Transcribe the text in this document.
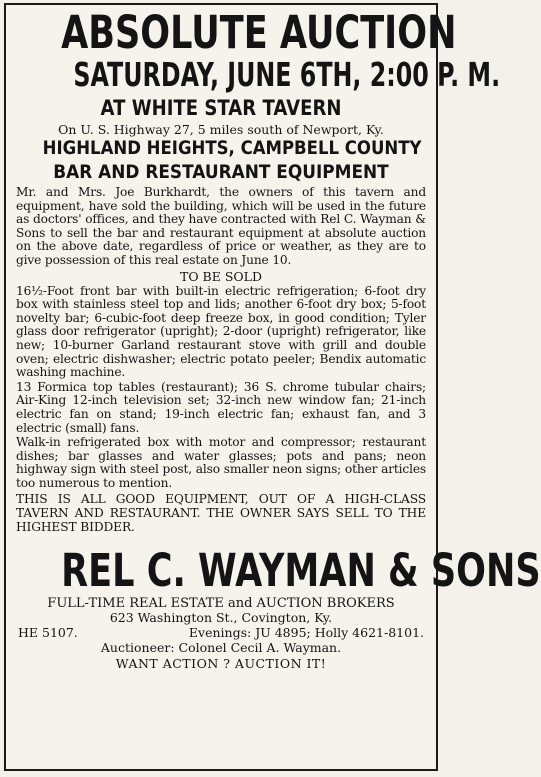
ABSOLUTE AUCTION
SATURDAY, JUNE 6TH, 2:00 P. M.
AT WHITE STAR TAVERN
On U. S. Highway 27, 5 miles south of Newport, Ky.
HIGHLAND HEIGHTS, CAMPBELL COUNTY
BAR AND RESTAURANT EQUIPMENT

Mr. and Mrs. Joe Burkhardt, the owners of this tavern and equipment, have sold the building, which will be used in the future as doctors' offices, and they have contracted with Rel C. Wayman & Sons to sell the bar and restaurant equipment at absolute auction on the above date, regardless of price or weather, as they are to give possession of this real estate on June 10.

TO BE SOLD

16½-Foot front bar with built-in electric refrigeration; 6-foot dry box with stainless steel top and lids; another 6-foot dry box; 5-foot novelty bar; 6-cubic-foot deep freeze box, in good condition; Tyler glass door refrigerator (upright); 2-door (upright) refrigerator, like new; 10-burner Garland restaurant stove with grill and double oven; electric dishwasher; electric potato peeler; Bendix automatic washing machine.

13 Formica top tables (restaurant); 36 S. chrome tubular chairs; Air-King 12-inch television set; 32-inch new window fan; 21-inch electric fan on stand; 19-inch electric fan; exhaust fan, and 3 electric (small) fans.

Walk-in refrigerated box with motor and compressor; restaurant dishes; bar glasses and water glasses; pots and pans; neon highway sign with steel post, also smaller neon signs; other articles too numerous to mention.

THIS IS ALL GOOD EQUIPMENT, OUT OF A HIGH-CLASS TAVERN AND RESTAURANT. THE OWNER SAYS SELL TO THE HIGHEST BIDDER.

REL C. WAYMAN & SONS
FULL-TIME REAL ESTATE and AUCTION BROKERS
623 Washington St., Covington, Ky.
HE 5107.	Evenings: JU 4895; Holly 4621-8101.
Auctioneer: Colonel Cecil A. Wayman.
WANT ACTION ? AUCTION IT!
